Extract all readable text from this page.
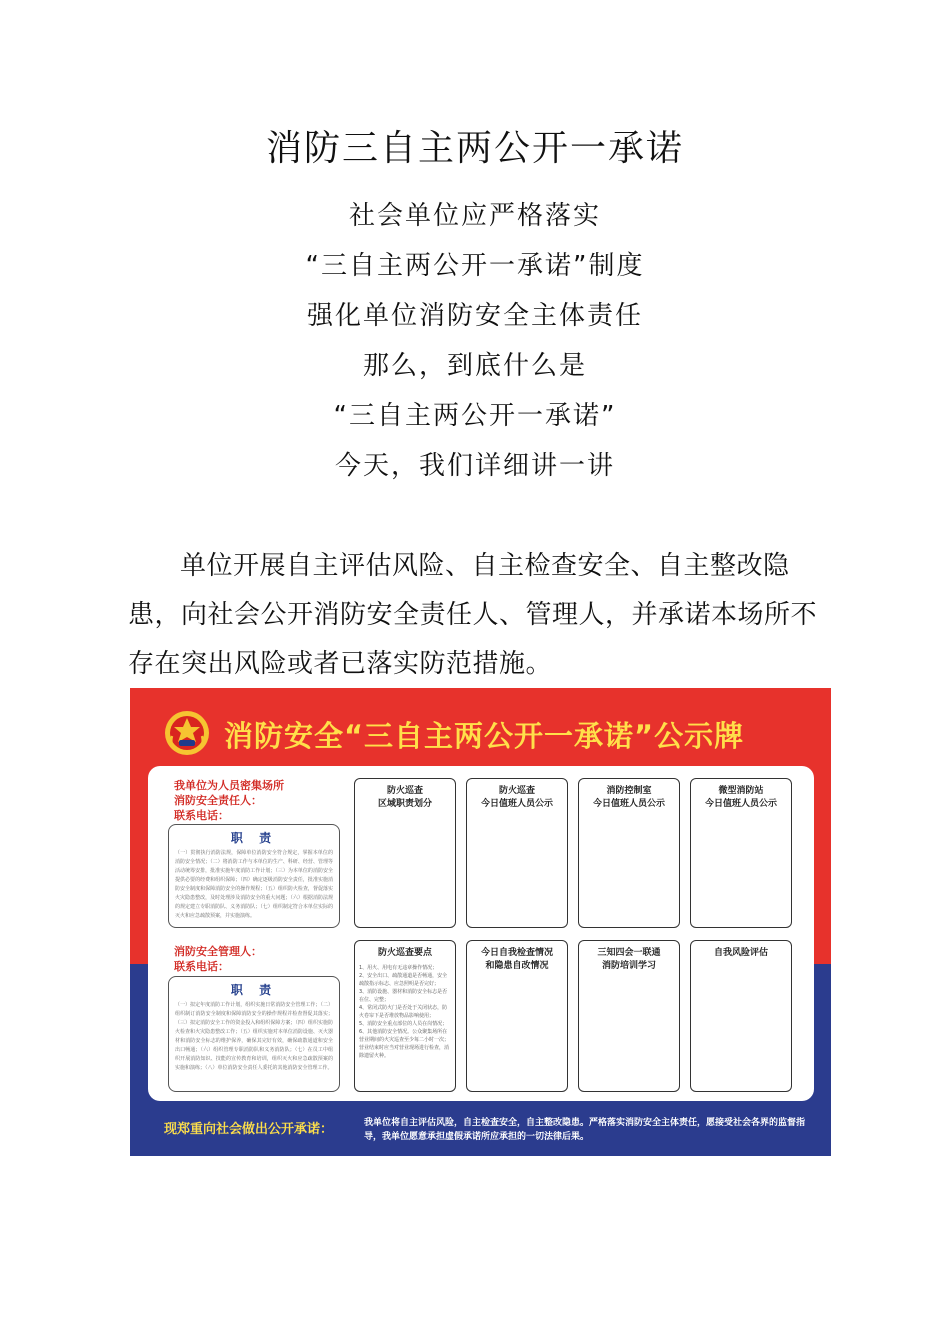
消防三自主两公开一承诺
社会单位应严格落实
“三自主两公开一承诺”制度
强化单位消防安全主体责任
那么，到底什么是
“三自主两公开一承诺”
今天，我们详细讲一讲
单位开展自主评估风险、自主检查安全、自主整改隐患，向社会公开消防安全责任人、管理人，并承诺本场所不存在突出风险或者已落实防范措施。
消防安全“三自主两公开一承诺”公示牌
我单位为人员密集场所
消防安全责任人：
联系电话：
职 责
（一）贯彻执行消防法规，保障单位消防安全符合规定，掌握本单位的消防安全情况；（二）将消防工作与本单位的生产、科研、经营、管理等活动统筹安排，批准实施年度消防工作计划；（三）为本单位的消防安全提供必要的经费和组织保障；（四）确定逐级消防安全责任，批准实施消防安全制度和保障消防安全的操作规程；（五）组织防火检查，督促落实火灾隐患整改，及时处理涉及消防安全的重大问题；（六）根据消防法规的规定建立专职消防队、义务消防队；（七）组织制定符合本单位实际的灭火和应急疏散预案，并实施演练。
消防安全管理人：
联系电话：
职 责
（一）拟定年度消防工作计划，组织实施日常消防安全管理工作；（二）组织制订消防安全制度和保障消防安全的操作规程并检查督促其落实；（三）拟定消防安全工作的资金投入和组织保障方案；（四）组织实施防火检查和火灾隐患整改工作；（五）组织实施对本单位消防设施、灭火器材和消防安全标志的维护保养，确保其完好有效，确保疏散通道和安全出口畅通；（六）组织管理专职消防队和义务消防队；（七）在员工中组织开展消防知识、技能的宣传教育和培训，组织灭火和应急疏散预案的实施和演练；（八）单位消防安全责任人委托的其他消防安全管理工作。
防火巡查
区域职责划分
防火巡查
今日值班人员公示
消防控制室
今日值班人员公示
微型消防站
今日值班人员公示
防火巡查要点
1、用火、用电有无违章操作情况；
2、安全出口、疏散通道是否畅通，安全疏散指示标志、应急照明是否完好；
3、消防设施、器材和消防安全标志是否在位、完整；
4、常闭式防火门是否处于关闭状态，防火卷帘下是否堆放物品影响使用；
5、消防安全重点部位的人员在岗情况；
6、其他消防安全情况。公众聚集场所在营业期间的火灾巡查至少每二小时一次；营业结束时应当对营业现场进行检查，消除遗留火种。
今日自我检查情况
和隐患自改情况
三知四会一联通
消防培训学习
自我风险评估
现郑重向社会做出公开承诺：	我单位将自主评估风险，自主检查安全，自主整改隐患。严格落实消防安全主体责任，愿接受社会各界的监督指导，我单位愿意承担虚假承诺所应承担的一切法律后果。
